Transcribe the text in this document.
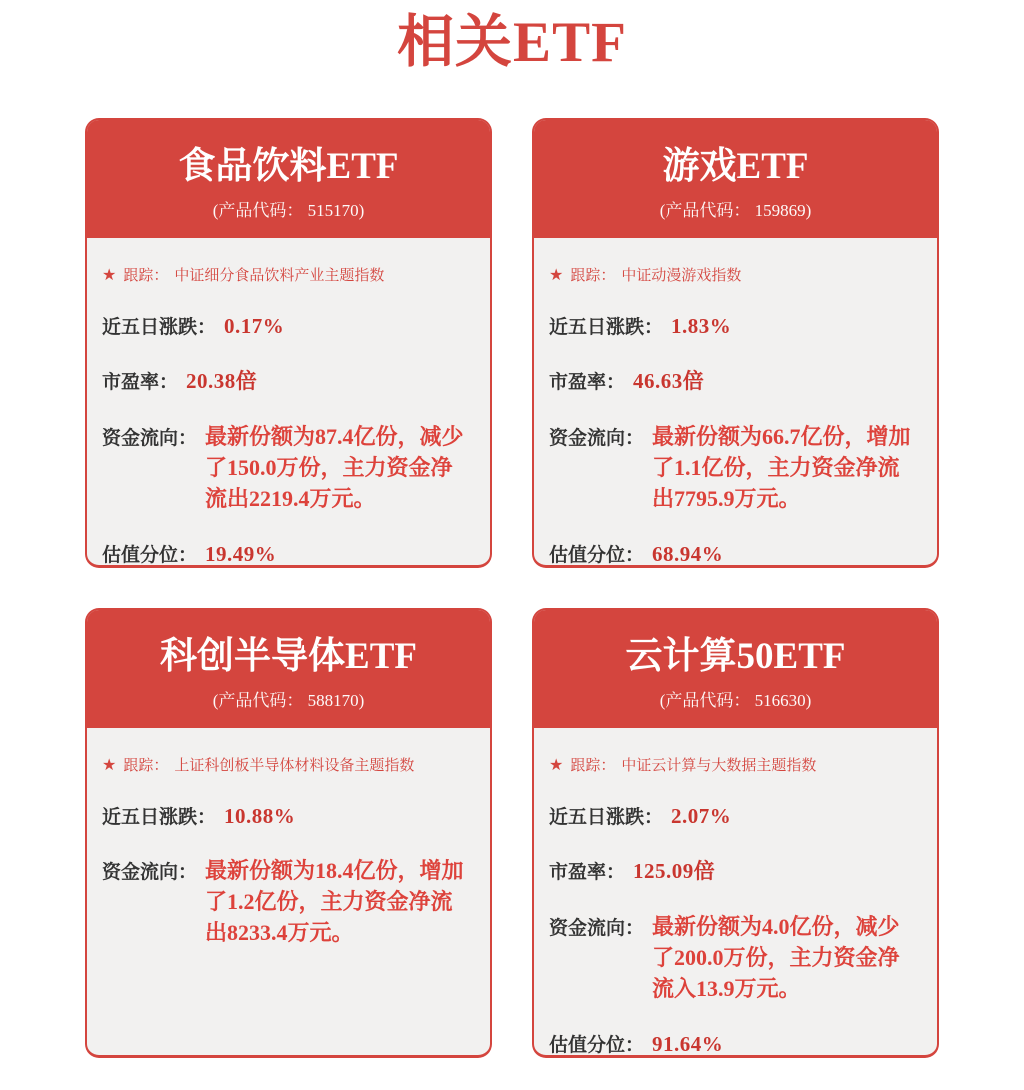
相关ETF
食品饮料ETF
(产品代码： 515170)
★ 跟踪： 中证细分食品饮料产业主题指数
近五日涨跌： 0.17%
市盈率： 20.38倍
资金流向： 最新份额为87.4亿份，减少了150.0万份，主力资金净流出2219.4万元。
估值分位： 19.49%
游戏ETF
(产品代码： 159869)
★ 跟踪： 中证动漫游戏指数
近五日涨跌： 1.83%
市盈率： 46.63倍
资金流向： 最新份额为66.7亿份，增加了1.1亿份，主力资金净流出7795.9万元。
估值分位： 68.94%
科创半导体ETF
(产品代码： 588170)
★ 跟踪： 上证科创板半导体材料设备主题指数
近五日涨跌： 10.88%
资金流向： 最新份额为18.4亿份，增加了1.2亿份，主力资金净流出8233.4万元。
云计算50ETF
(产品代码： 516630)
★ 跟踪： 中证云计算与大数据主题指数
近五日涨跌： 2.07%
市盈率： 125.09倍
资金流向： 最新份额为4.0亿份，减少了200.0万份，主力资金净流入13.9万元。
估值分位： 91.64%
